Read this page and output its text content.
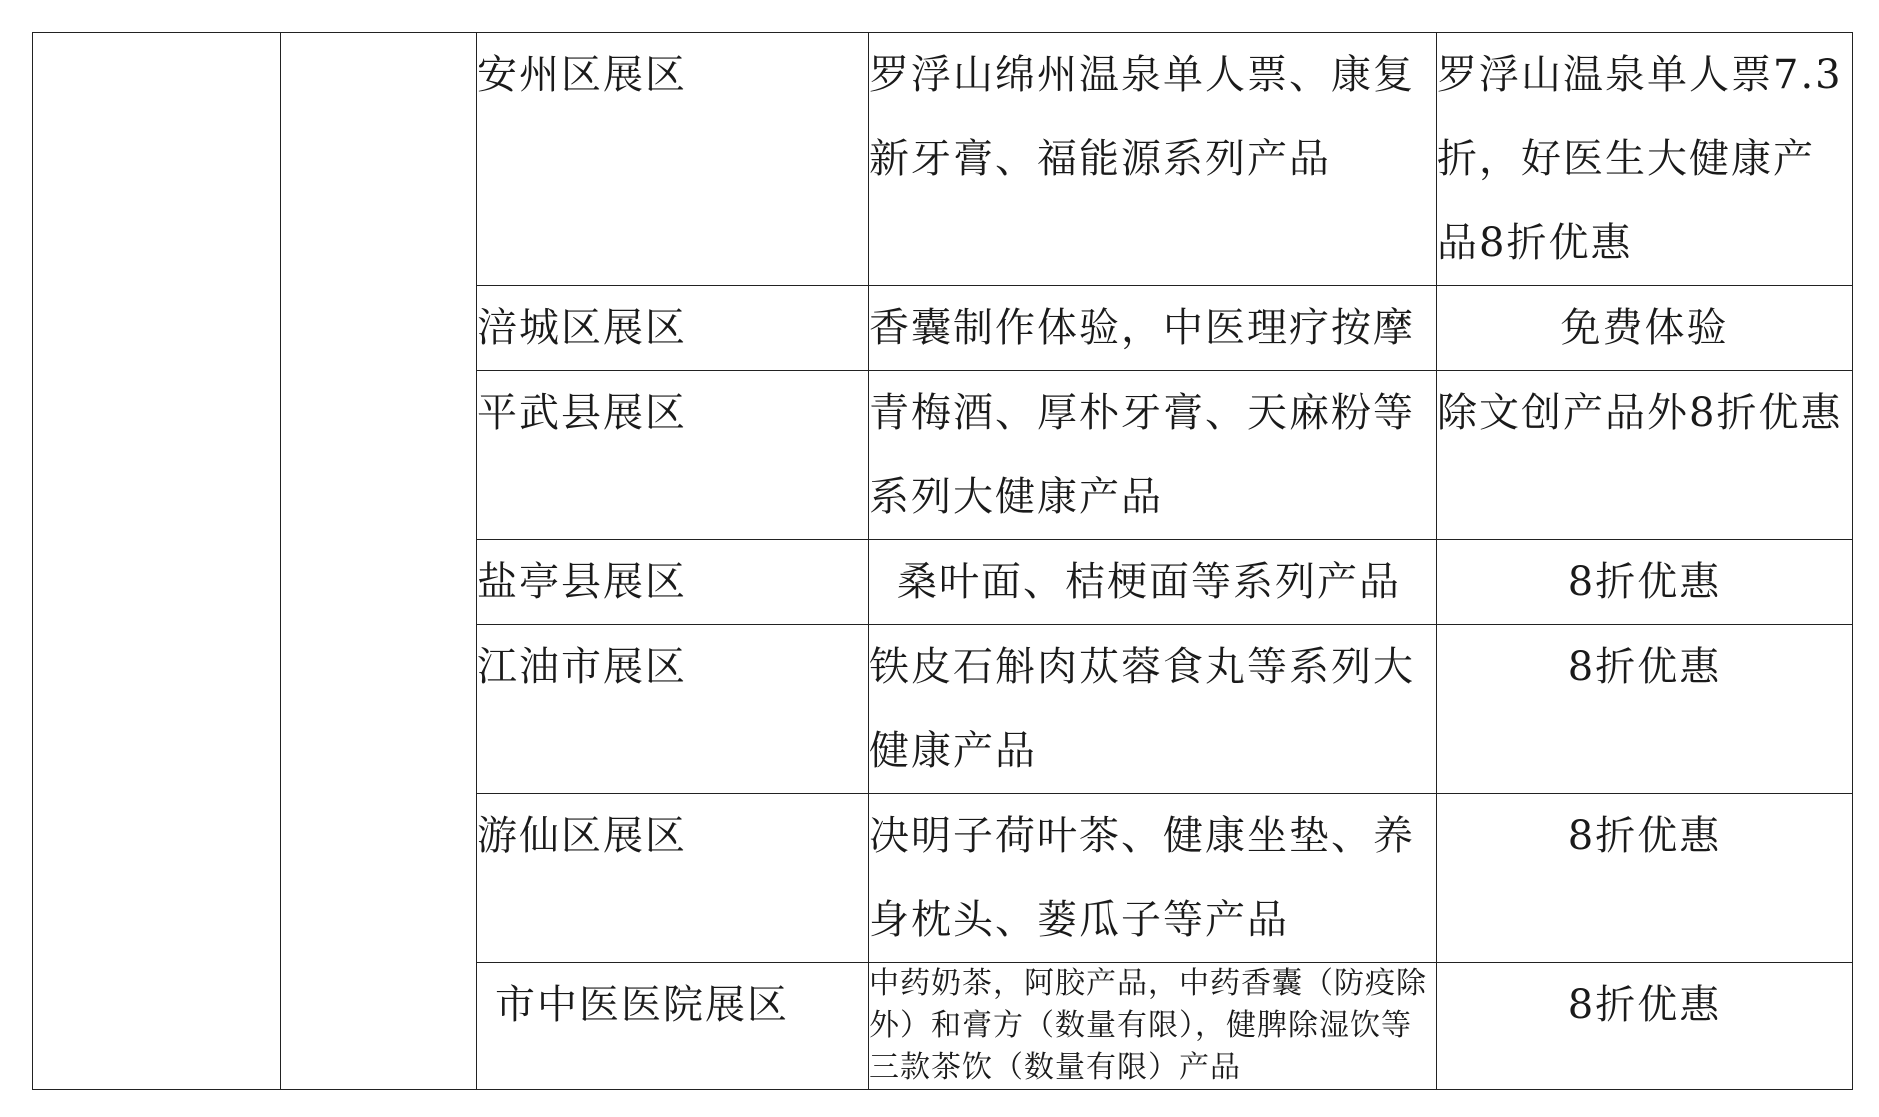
		安州区展区	罗浮山绵州温泉单人票、康复新牙膏、福能源系列产品	罗浮山温泉单人票7.3折，好医生大健康产品8折优惠
		涪城区展区	香囊制作体验，中医理疗按摩	免费体验
		平武县展区	青梅酒、厚朴牙膏、天麻粉等系列大健康产品	除文创产品外8折优惠
		盐亭县展区	桑叶面、桔梗面等系列产品	8折优惠
		江油市展区	铁皮石斛肉苁蓉食丸等系列大健康产品	8折优惠
		游仙区展区	决明子荷叶茶、健康坐垫、养身枕头、蒌瓜子等产品	8折优惠
		市中医医院展区	中药奶茶，阿胶产品，中药香囊（防疫除外）和膏方（数量有限），健脾除湿饮等三款茶饮（数量有限）产品	8折优惠
